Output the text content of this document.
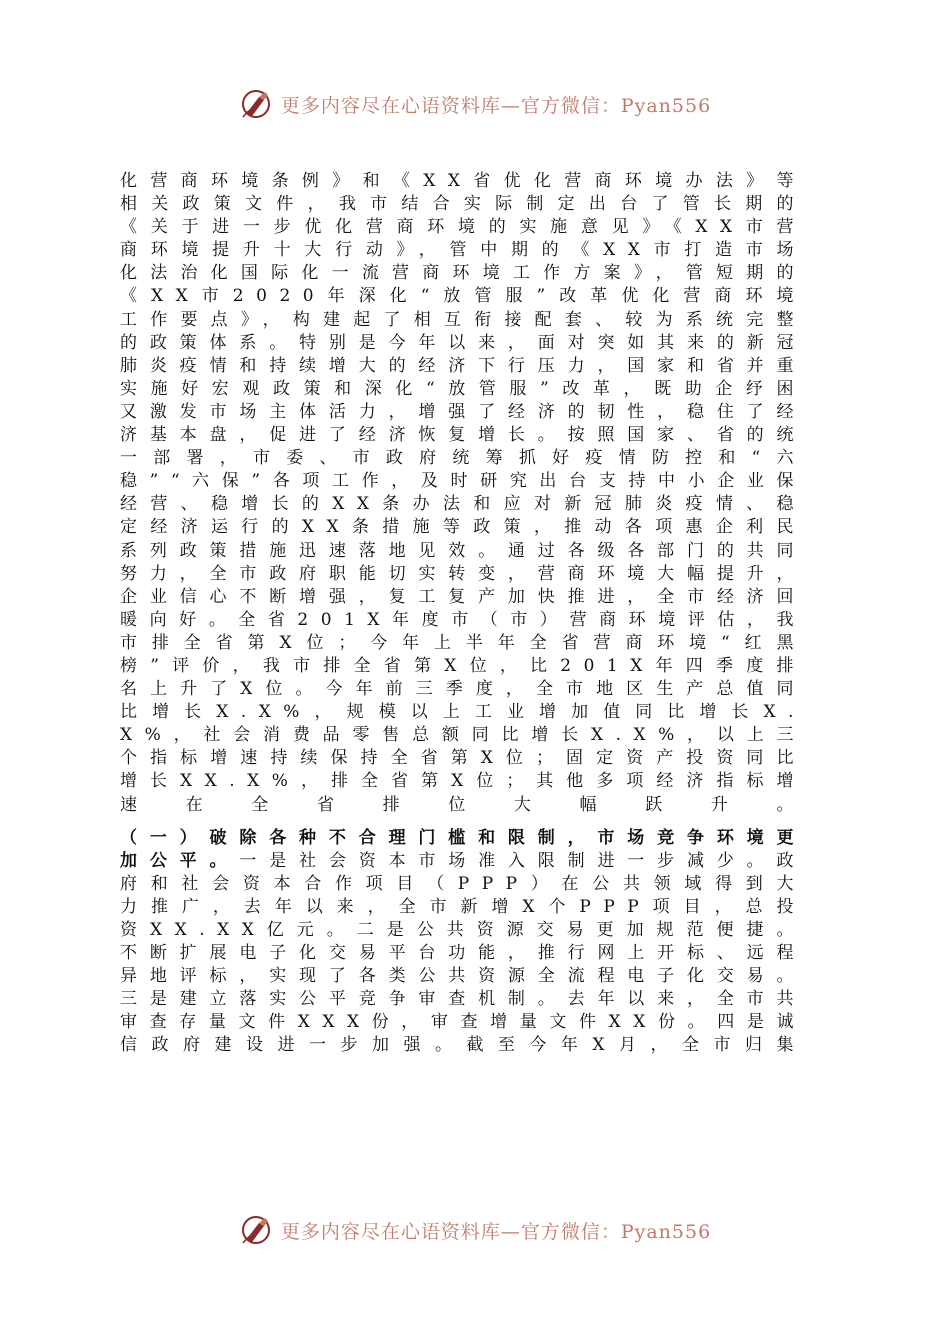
更多内容尽在心语资料库—官方微信：Pyan556

化营商环境条例》和《XX省优化营商环境办法》等相关政策文件，我市结合实际制定出台了管长期的《关于进一步优化营商环境的实施意见》《XX市营商环境提升十大行动》，管中期的《XX市打造市场化法治化国际化一流营商环境工作方案》，管短期的《XX市2020年深化“放管服”改革优化营商环境工作要点》，构建起了相互衔接配套、较为系统完整的政策体系。特别是今年以来，面对突如其来的新冠肺炎疫情和持续增大的经济下行压力，国家和省并重实施好宏观政策和深化“放管服”改革，既助企纾困又激发市场主体活力，增强了经济的韧性，稳住了经济基本盘，促进了经济恢复增长。按照国家、省的统一部署，市委、市政府统筹抓好疫情防控和“六稳”“六保”各项工作，及时研究出台支持中小企业保经营、稳增长的XX条办法和应对新冠肺炎疫情、稳定经济运行的XX条措施等政策，推动各项惠企利民系列政策措施迅速落地见效。通过各级各部门的共同努力，全市政府职能切实转变，营商环境大幅提升，企业信心不断增强，复工复产加快推进，全市经济回暖向好。全省201X年度市（市）营商环境评估，我市排全省第X位；今年上半年全省营商环境“红黑榜”评价，我市排全省第X位，比201X年四季度排名上升了X位。今年前三季度，全市地区生产总值同比增长X.X%，规模以上工业增加值同比增长X.X%，社会消费品零售总额同比增长X.X%，以上三个指标增速持续保持全省第X位；固定资产投资同比增长XX.X%，排全省第X位；其他多项经济指标增速在全省排位大幅跃升。

（一）破除各种不合理门槛和限制，市场竞争环境更加公平。一是社会资本市场准入限制进一步减少。政府和社会资本合作项目（PPP）在公共领域得到大力推广，去年以来，全市新增X个PPP项目，总投资XX.XX亿元。二是公共资源交易更加规范便捷。不断扩展电子化交易平台功能，推行网上开标、远程异地评标，实现了各类公共资源全流程电子化交易。三是建立落实公平竞争审查机制。去年以来，全市共审查存量文件XXX份，审查增量文件XX份。四是诚信政府建设进一步加强。截至今年X月，全市归集

更多内容尽在心语资料库—官方微信：Pyan556
